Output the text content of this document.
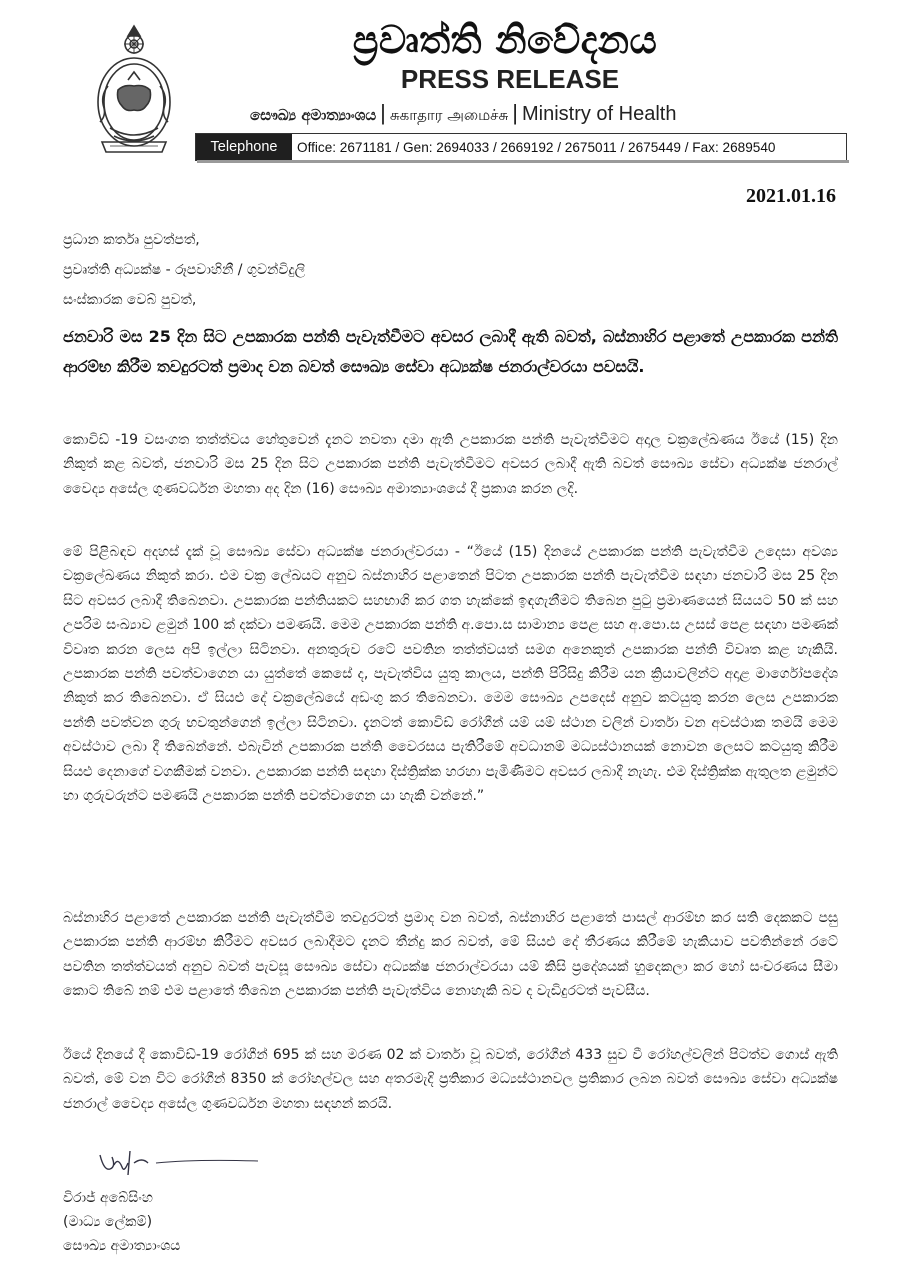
ප්‍රවෘත්ති නිවේදනය
PRESS RELEASE
සෞඛ්‍ය අමාත්‍යාංශය | சுகாதார அமைச்சு | Ministry of Health
Telephone	Office: 2671181 / Gen: 2694033 / 2669192 / 2675011 / 2675449 / Fax: 2689540
2021.01.16
ප්‍රධාන කර්තෘ පුවත්පත්,
ප්‍රවෘත්ති අධ්‍යක්ෂ - රූපවාහිනී / ගුවන්විදුලි
සංස්කාරක වෙබ් පුවත්,
ජනවාරි මස 25 දින සිට උපකාරක පන්ති පැවැත්වීමට අවසර ලබාදී ඇති බවත්, බස්නාහිර පළාතේ උපකාරක පන්ති ආරම්භ කිරීම තවදුරටත් ප්‍රමාද වන බවත් සෞඛ්‍ය සේවා අධ්‍යක්ෂ ජනරාල්වරයා පවසයි.
කොවිඩ් -19 වසංගත තත්ත්වය හේතුවෙන් දැනට නවතා දමා ඇති උපකාරක පන්ති පැවැත්වීමට අදාල චක්‍රලේඛණය ඊයේ (15) දින නිකුත් කළ බවත්, ජනවාරි මස 25 දින සිට උපකාරක පන්ති පැවැත්වීමට අවසර ලබාදී ඇති බවත් සෞඛ්‍ය සේවා අධ්‍යක්ෂ ජනරාල් වෛද්‍ය අසේල ගුණවර්ධන මහතා අද දින (16) සෞඛ්‍ය අමාත්‍යාංශයේ දී ප්‍රකාශ කරන ලදි.
මේ පිළිබඳව අදහස් දැක් වූ සෞඛ්‍ය සේවා අධ්‍යක්ෂ ජනරාල්වරයා - “ඊයේ (15) දිනයේ උපකාරක පන්ති පැවැත්වීම උදෙසා අවශ්‍ය චක්‍රලේඛණය නිකුත් කරා. එම චක්‍ර ලේඛයට අනුව බස්නාහිර පළාතෙන් පිටත උපකාරක පන්ති පැවැත්වීම සඳහා ජනවාරි මස 25 දින සිට අවසර ලබාදී තිබෙනවා. උපකාරක පන්තියකට සහභාගි කර ගත හැක්කේ ඉඳගැනීමට තිබෙන පුටු ප්‍රමාණයෙන් සියයට 50 ක් සහ උපරිම සංඛ්‍යාව ළමුන් 100 ක් දක්වා පමණයි. මෙම උපකාරක පන්ති අ.පො.ස සාමාන්‍ය පෙළ සහ අ.පො.ස උසස් පෙළ සඳහා පමණක් විවෘත කරන ලෙස අපි ඉල්ලා සිටිනවා. අනතුරුව රටේ පවතින තත්ත්වයත් සමග අනෙකුත් උපකාරක පන්ති විවෘත කළ හැකියි. උපකාරක පන්ති පවත්වාගෙන යා යුත්තේ කෙසේ ද, පැවැත්විය යුතු කාලය, පන්ති පිරිසිදු කිරීම යන ක්‍රියාවලින්ට අදාළ මාර්ගෝපදේශ නිකුත් කර තිබෙනවා. ඒ සියළු දේ චක්‍රලේඛයේ අඩංගු කර තිබෙනවා. මෙම සෞඛ්‍ය උපදෙස් අනුව කටයුතු කරන ලෙස උපකාරක පන්ති පවත්වන ගුරු භවතුන්ගෙන් ඉල්ලා සිටිනවා. දැනටත් කොවිඩ් රෝගීන් යම් යම් ස්ථාන වලින් වාර්තා වන අවස්ථාක තමයි මෙම අවස්ථාව ලබා දී තිබෙන්නේ. එබැවින් උපකාරක පන්ති වෛරසය පැතිරීමේ අවධානම් මධ්‍යස්ථානයක් නොවන ලෙසට කටයුතු කිරීම සියළු දෙනාගේ වගකීමක් වනවා. උපකාරක පන්ති සඳහා දිස්ත්‍රික්ක හරහා පැමිණීමට අවසර ලබාදී නැහැ. එම දිස්ත්‍රික්ක ඇතුලත ළමුන්ට හා ගුරුවරුන්ට පමණයි උපකාරක පන්ති පවත්වාගෙන යා හැකි වන්නේ.”
බස්නාහිර පළාතේ උපකාරක පන්ති පැවැත්වීම තවදුරටත් ප්‍රමාද වන බවත්, බස්නාහිර පළාතේ පාසල් ආරම්භ කර සති දෙකකට පසු උපකාරක පන්ති ආරම්භ කිරීමට අවසර ලබාදීමට දැනට තීන්දු කර බවත්, මේ සියළු දේ තීරණය කිරීමේ හැකියාව පවතින්නේ රටේ පවතින තත්ත්වයත් අනුව බවත් පැවසූ සෞඛ්‍ය සේවා අධ්‍යක්ෂ ජනරාල්වරයා යම් කිසි ප්‍රදේශයක් හුදෙකලා කර හෝ සංචරණය සීමා කොට තිබේ නම් එම පළාතේ තිබෙන උපකාරක පන්ති පැවැත්විය නොහැකි බව ද වැඩිදුරටත් පැවසීය.
ඊයේ දිනයේ දී කොවිඩ්-19 රෝගීන් 695 ක් සහ මරණ 02 ක් වාර්තා වූ බවත්, රෝගීන් 433 සුව වී රෝහල්වලින් පිටත්ව ගොස් ඇති බවත්, මේ වන විට රෝගීන් 8350 ක් රෝහල්වල සහ අතරමැදි ප්‍රතිකාර මධ්‍යස්ථානවල ප්‍රතිකාර ලබන බවත් සෞඛ්‍ය සේවා අධ්‍යක්ෂ ජනරාල් වෛද්‍ය අසේල ගුණවර්ධන මහතා සඳහන් කරයි.
විරාජ් අබේසිංහ
(මාධ්‍ය ලේකම්)
සෞඛ්‍ය අමාත්‍යාංශය
